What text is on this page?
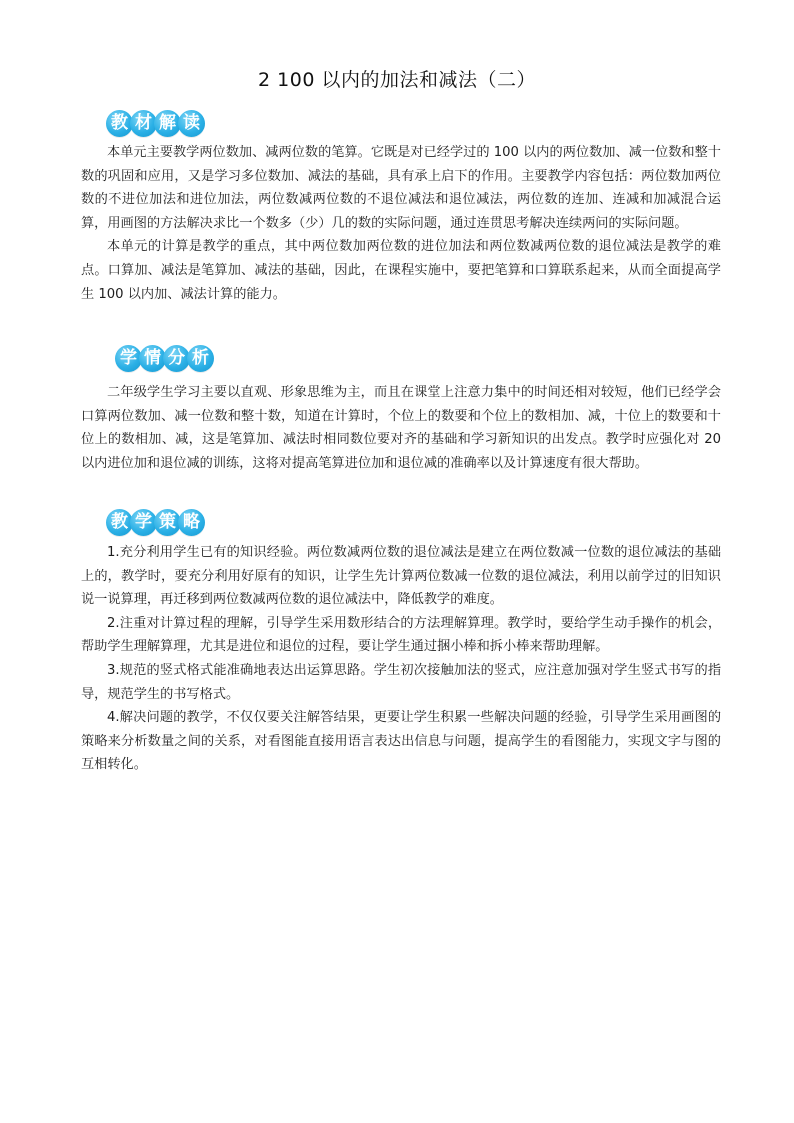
2 100 以内的加法和减法（二）
教 材 解 读

本单元主要教学两位数加、减两位数的笔算。它既是对已经学过的 100 以内的两位数加、减一位数和整十数的巩固和应用，又是学习多位数加、减法的基础，具有承上启下的作用。主要教学内容包括：两位数加两位数的不进位加法和进位加法，两位数减两位数的不退位减法和退位减法，两位数的连加、连减和加减混合运算，用画图的方法解决求比一个数多（少）几的数的实际问题，通过连贯思考解决连续两问的实际问题。

本单元的计算是教学的重点，其中两位数加两位数的进位加法和两位数减两位数的退位减法是教学的难点。口算加、减法是笔算加、减法的基础，因此，在课程实施中，要把笔算和口算联系起来，从而全面提高学生 100 以内加、减法计算的能力。

学 情 分 析

二年级学生学习主要以直观、形象思维为主，而且在课堂上注意力集中的时间还相对较短，他们已经学会口算两位数加、减一位数和整十数，知道在计算时，个位上的数要和个位上的数相加、减，十位上的数要和十位上的数相加、减，这是笔算加、减法时相同数位要对齐的基础和学习新知识的出发点。教学时应强化对 20 以内进位加和退位减的训练，这将对提高笔算进位加和退位减的准确率以及计算速度有很大帮助。

教 学 策 略

1.充分利用学生已有的知识经验。两位数减两位数的退位减法是建立在两位数减一位数的退位减法的基础上的，教学时，要充分利用好原有的知识，让学生先计算两位数减一位数的退位减法，利用以前学过的旧知识说一说算理，再迁移到两位数减两位数的退位减法中，降低教学的难度。

2.注重对计算过程的理解，引导学生采用数形结合的方法理解算理。教学时，要给学生动手操作的机会，帮助学生理解算理，尤其是进位和退位的过程，要让学生通过捆小棒和拆小棒来帮助理解。

3.规范的竖式格式能准确地表达出运算思路。学生初次接触加法的竖式，应注意加强对学生竖式书写的指导，规范学生的书写格式。

4.解决问题的教学，不仅仅要关注解答结果，更要让学生积累一些解决问题的经验，引导学生采用画图的策略来分析数量之间的关系，对看图能直接用语言表达出信息与问题，提高学生的看图能力，实现文字与图的互相转化。
